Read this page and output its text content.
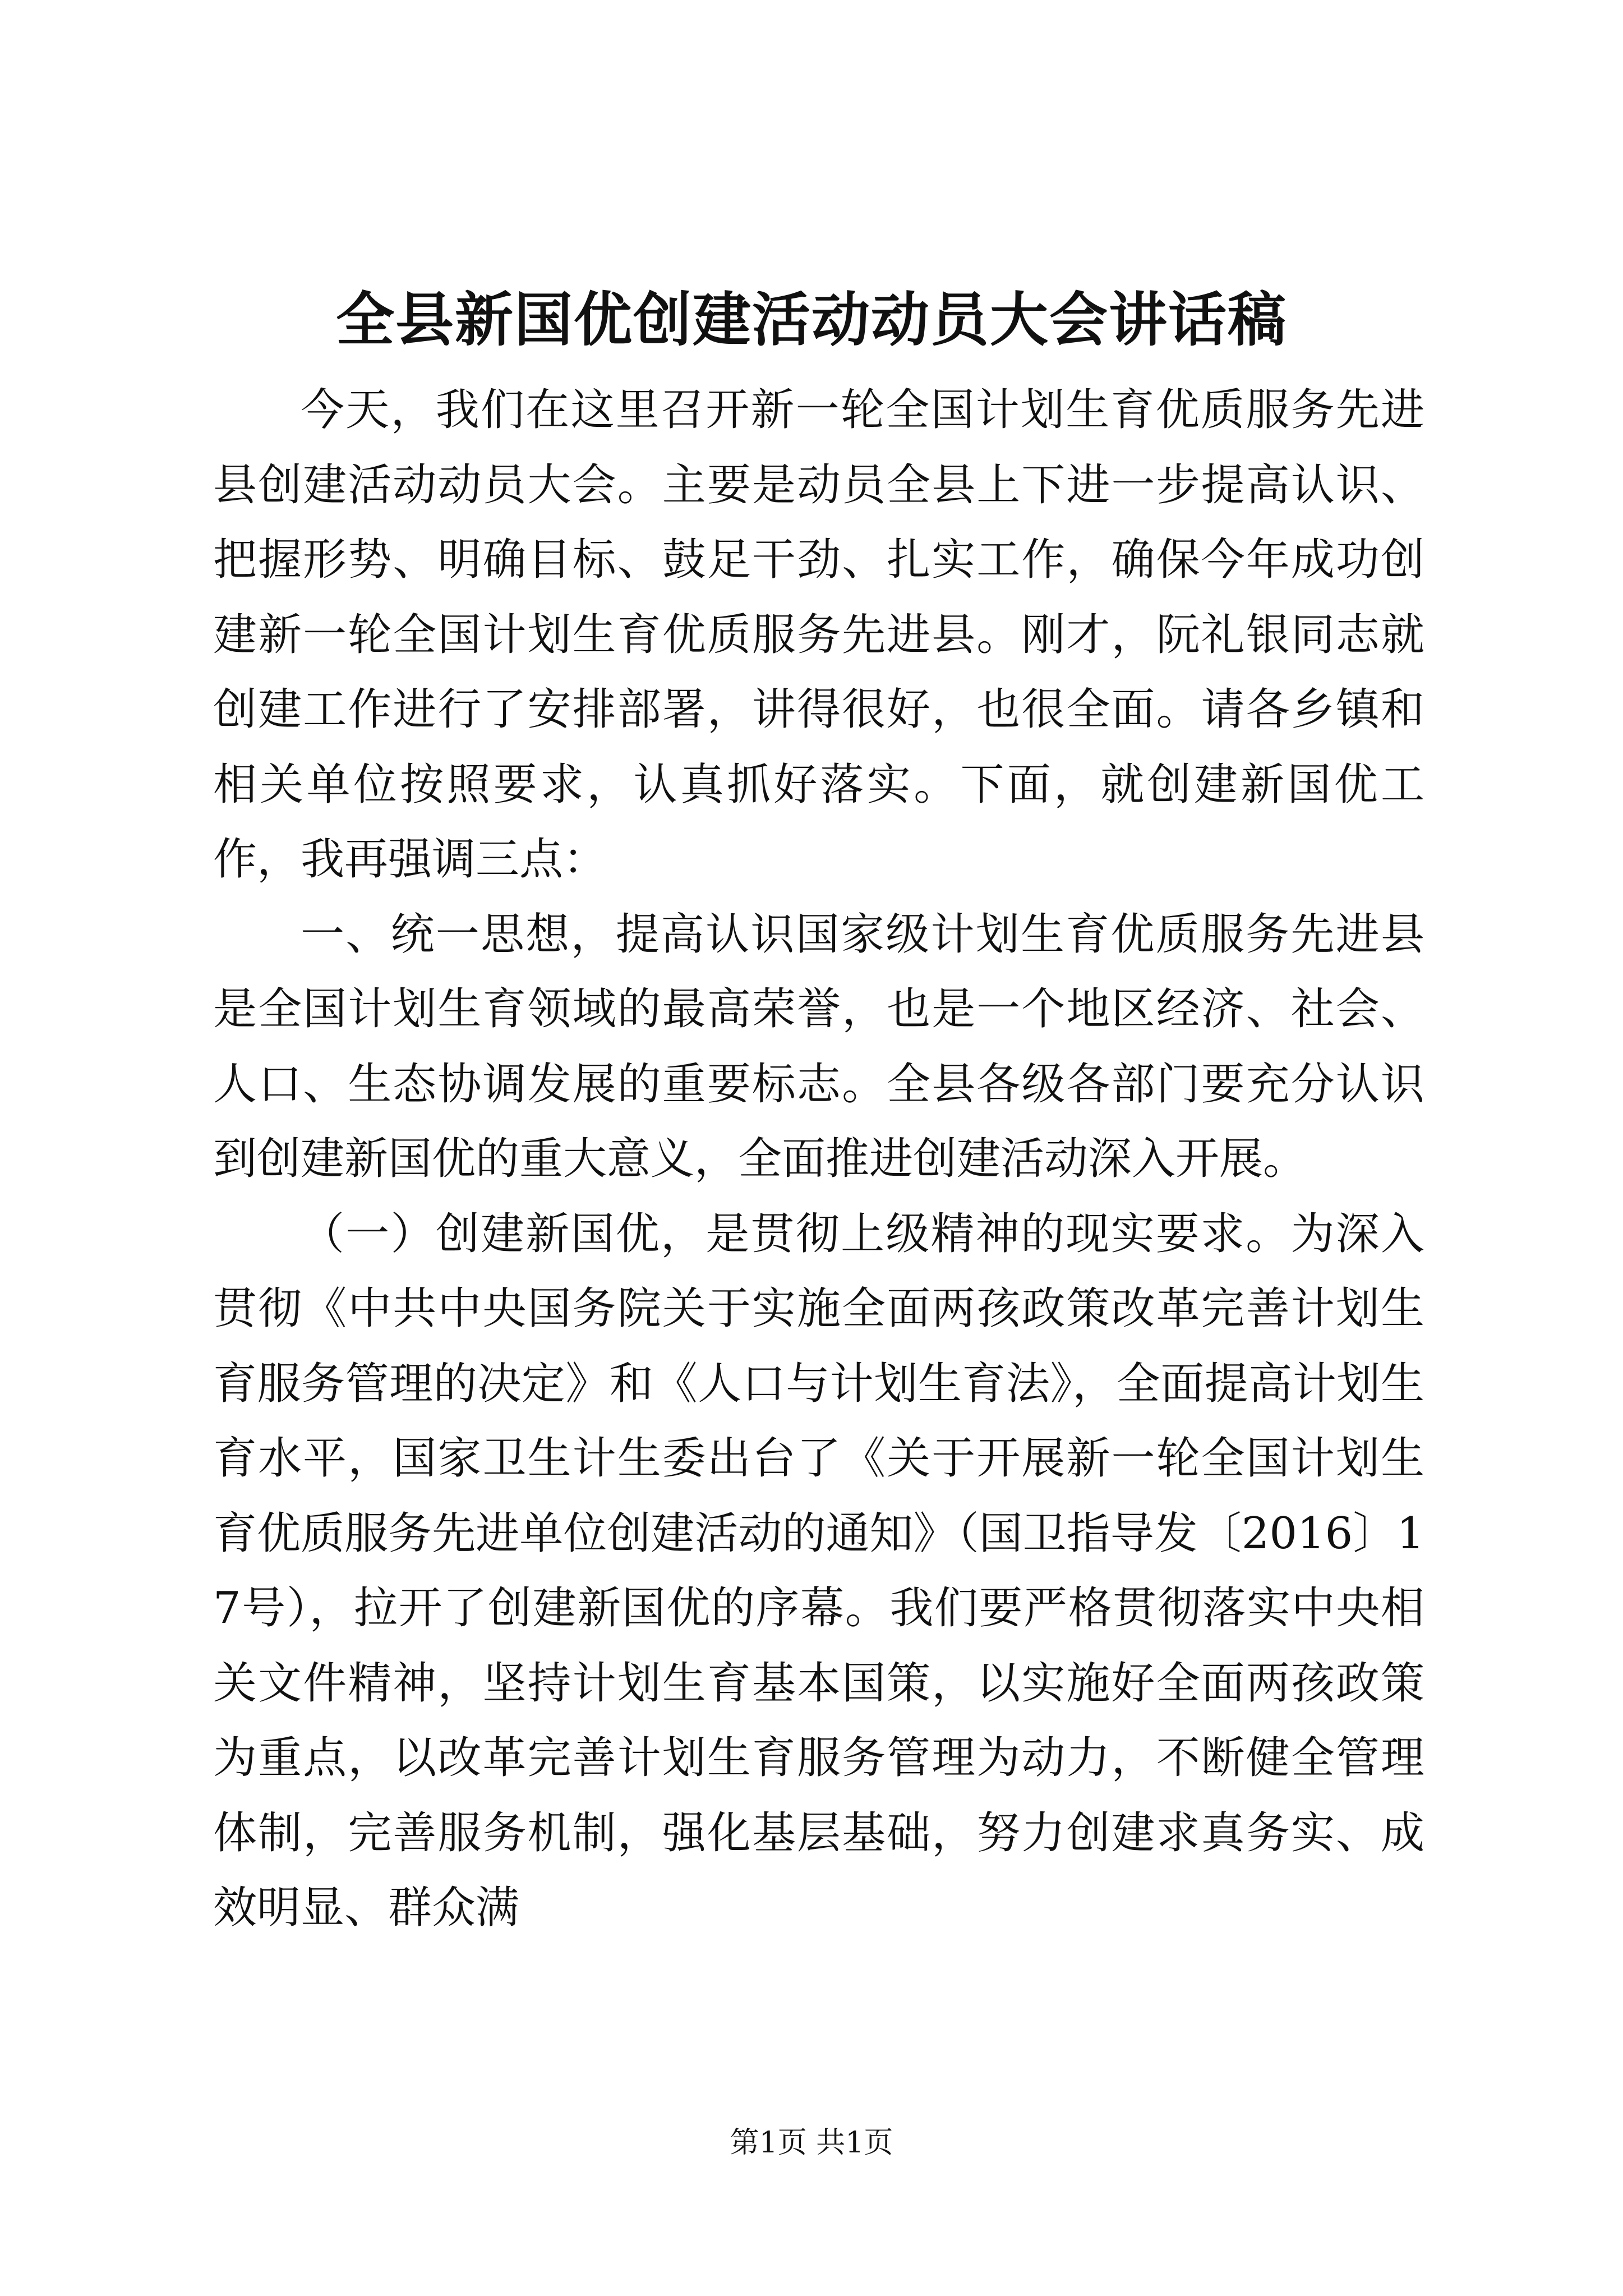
全县新国优创建活动动员大会讲话稿

今天，我们在这里召开新一轮全国计划生育优质服务先进县创建活动动员大会。主要是动员全县上下进一步提高认识、把握形势、明确目标、鼓足干劲、扎实工作，确保今年成功创建新一轮全国计划生育优质服务先进县。刚才，阮礼银同志就创建工作进行了安排部署，讲得很好，也很全面。请各乡镇和相关单位按照要求，认真抓好落实。下面，就创建新国优工作，我再强调三点：

一、统一思想，提高认识国家级计划生育优质服务先进县是全国计划生育领域的最高荣誉，也是一个地区经济、社会、人口、生态协调发展的重要标志。全县各级各部门要充分认识到创建新国优的重大意义，全面推进创建活动深入开展。

（一）创建新国优，是贯彻上级精神的现实要求。为深入贯彻《中共中央国务院关于实施全面两孩政策改革完善计划生育服务管理的决定》和《人口与计划生育法》，全面提高计划生育水平，国家卫生计生委出台了《关于开展新一轮全国计划生育优质服务先进单位创建活动的通知》（国卫指导发〔2016〕17号），拉开了创建新国优的序幕。我们要严格贯彻落实中央相关文件精神，坚持计划生育基本国策，以实施好全面两孩政策为重点，以改革完善计划生育服务管理为动力，不断健全管理体制，完善服务机制，强化基层基础，努力创建求真务实、成效明显、群众满

第1页 共1页
